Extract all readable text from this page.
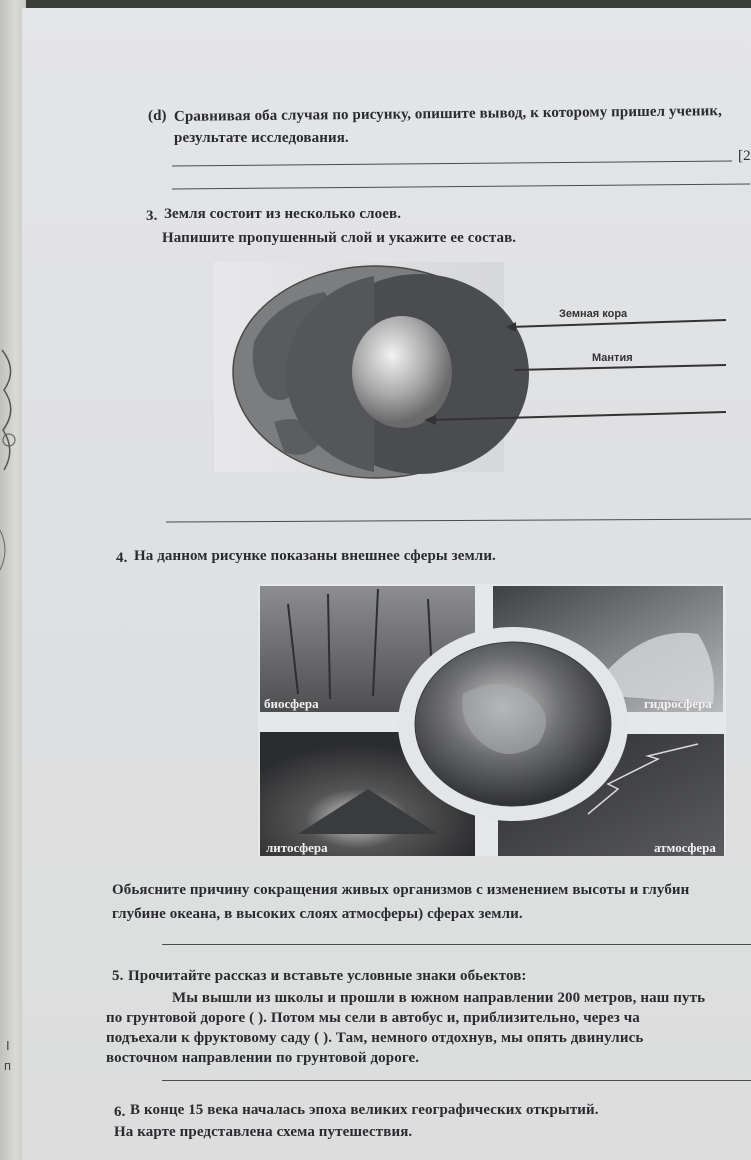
I
п
(d) Сравнивая оба случая по рисунку, опишите вывод, к которому пришел ученик,
результате исследования.
[2
3. Земля состоит из несколько слоев.
Напишите пропушенный слой и укажите ее состав.
Земная кора
Мантия
4. На данном рисунке показаны внешнее сферы земли.
биосфера	гидросфера
литосфера	атмосфера
Обьясните причину сокращения живых организмов с изменением высоты и глубин
глубине океана, в высоких слоях атмосферы) сферах земли.
5. Прочитайте рассказ и вставьте условные знаки обьектов:
Мы вышли из школы и прошли в южном направлении 200 метров, наш путь
по грунтовой дороге ( ). Потом мы сели в автобус и, приблизительно, через ча
подъехали к фруктовому саду ( ). Там, немного отдохнув, мы опять двинулись
восточном направлении по грунтовой дороге.
6. В конце 15 века началась эпоха великих географических открытий.
На карте представлена схема путешествия.
